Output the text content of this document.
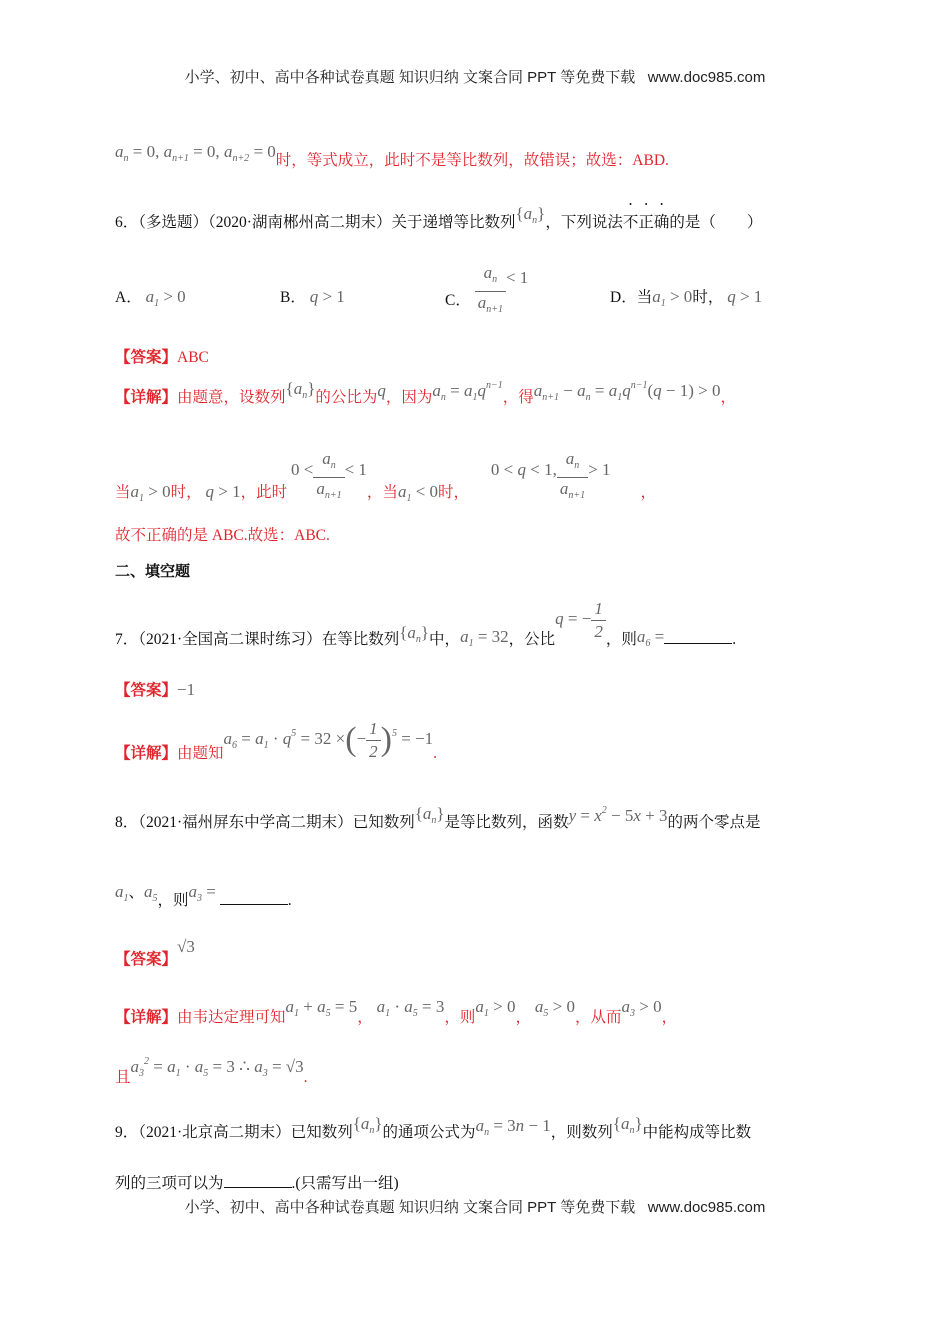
小学、初中、高中各种试卷真题 知识归纳 文案合同 PPT 等免费下载 www.doc985.com
$a_n = 0$, $a_{n+1} = 0$, $a_{n+2} = 0$时，等式成立，此时不是等比数列，故错误；故选：ABD.
6．（多选题）（2020·湖南郴州高二期末）关于递增等比数列$\{a_n\}$，下列说法不正确的是（　　）
A． $a_1 > 0$	B． q > 1	C． $\frac{a_n}{a_{n+1}} < 1$
D．当$a_1 > 0$时， q > 1
【答案】ABC
【详解】由题意，设数列$\{a_n\}$的公比为q，因为$a_n = a_1q^{n-1}$，得$a_{n+1} - a_n = a_1q^{n-1}(q - 1) > 0$，
当$a_1 > 0$时， q > 1，此时 $0 < \frac{a_n}{a_{n+1}} < 1$，当$a_1 < 0$时， 0 < q < 1, $\frac{a_n}{a_{n+1}} > 1$，
故不正确的是 ABC.故选：ABC.
二、填空题
7．（2021·全国高二课时练习）在等比数列$\{a_n\}$中，$a_1 = 32$，公比q = − $\frac{1}{2}$ ，则$a_6$ =	.
【答案】−1
【详解】由题知$a_6 = a_1 \cdot q^5 = 32$ ×(− $\frac{1}{2} )^5 = -1$.
8．（2021·福州屏东中学高二期末）已知数列$\{a_n\}$是等比数列，函数$y = x^2 - 5x + 3$的两个零点是
$a_1$、$a_5$，则$a_3$ =	.
【答案】√3
【详解】由韦达定理可知$a_1 + a_5 = 5$， $a_1 \cdot a_5 = 3$，则$a_1 > 0$， $a_5 > 0$，从而$a_3 > 0$，
且$a_3^2 = a_1 \cdot a_5 = 3$ ∴ $a_3 = √3$.
9．（2021·北京高二期末）已知数列$\{a_n\}$的通项公式为$a_n = 3n - 1$，则数列$\{a_n\}$中能构成等比数
列的三项可以为	.(只需写出一组)
小学、初中、高中各种试卷真题 知识归纳 文案合同 PPT 等免费下载 www.doc985.com
